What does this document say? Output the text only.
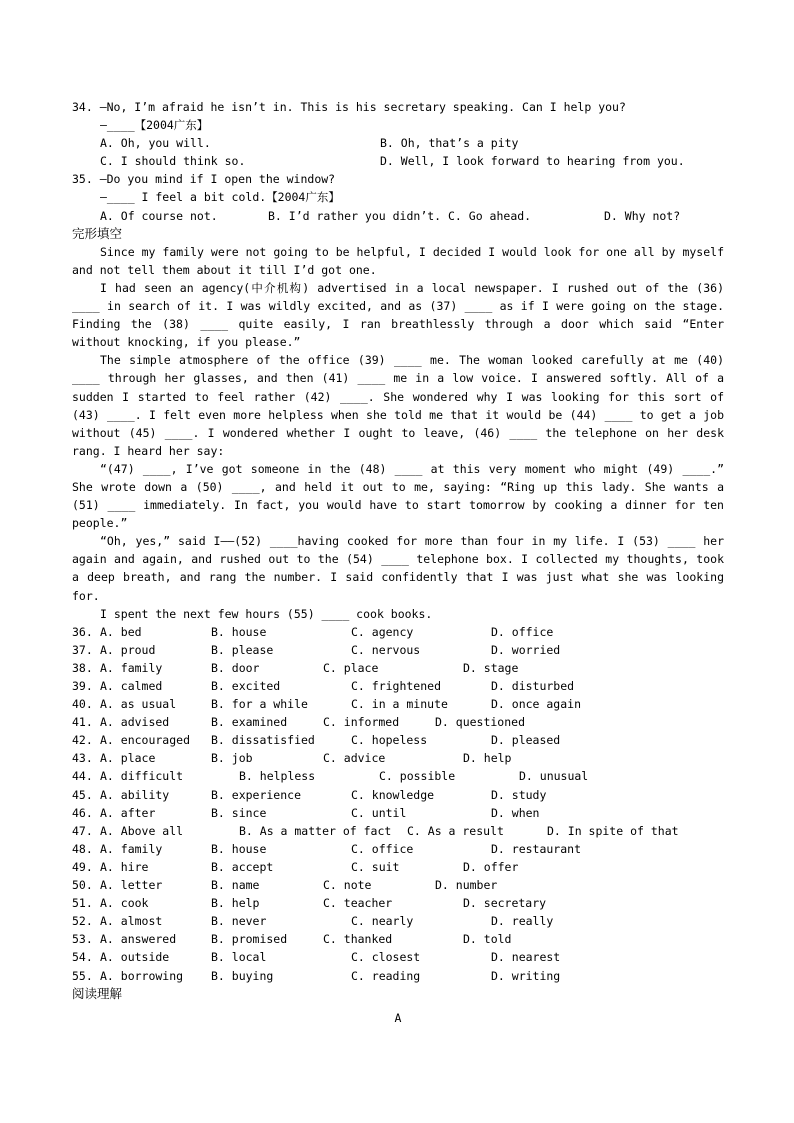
34. —No, I’m afraid he isn’t in. This is his secretary speaking. Can I help you?
—____【2004广东】
A. Oh, you will.	B. Oh, that’s a pity
C. I should think so.	D. Well, I look forward to hearing from you.
35. —Do you mind if I open the window?
—____ I feel a bit cold.【2004广东】
A. Of course not.	B. I’d rather you didn’t. C. Go ahead.	D. Why not?
完形填空
Since my family were not going to be helpful, I decided I would look for one all by myself and not tell them about it till I’d got one.
I had seen an agency(中介机构) advertised in a local newspaper. I rushed out of the (36) ____ in search of it. I was wildly excited, and as (37) ____ as if I were going on the stage. Finding the (38) ____ quite easily, I ran breathlessly through a door which said “Enter without knocking, if you please.”
The simple atmosphere of the office (39) ____ me. The woman looked carefully at me (40) ____ through her glasses, and then (41) ____ me in a low voice. I answered softly. All of a sudden I started to feel rather (42) ____. She wondered why I was looking for this sort of (43) ____. I felt even more helpless when she told me that it would be (44) ____ to get a job without (45) ____. I wondered whether I ought to leave, (46) ____ the telephone on her desk rang. I heard her say:
“(47) ____, I’ve got someone in the (48) ____ at this very moment who might (49) ____.” She wrote down a (50) ____, and held it out to me, saying: “Ring up this lady. She wants a (51) ____ immediately. In fact, you would have to start tomorrow by cooking a dinner for ten people.”
“Oh, yes,” said I——(52) ____having cooked for more than four in my life. I (53) ____ her again and again, and rushed out to the (54) ____ telephone box. I collected my thoughts, took a deep breath, and rang the number. I said confidently that I was just what she was looking for.
I spent the next few hours (55) ____ cook books.
36. A. bed	B. house	C. agency	D. office
37. A. proud	B. please	C. nervous	D. worried
38. A. family	B. door	C. place	D. stage
39. A. calmed	B. excited	C. frightened	D. disturbed
40. A. as usual	B. for a while	C. in a minute	D. once again
41. A. advised	B. examined	C. informed	D. questioned
42. A. encouraged B. dissatisfied	C. hopeless	D. pleased
43. A. place	B. job	C. advice	D. help
44. A. difficult	B. helpless	C. possible	D. unusual
45. A. ability	B. experience	C. knowledge	D. study
46. A. after	B. since	C. until	D. when
47. A. Above all	B. As a matter of fact C. As a result	D. In spite of that
48. A. family	B. house	C. office	D. restaurant
49. A. hire	B. accept	C. suit	D. offer
50. A. letter	B. name	C. note	D. number
51. A. cook	B. help	C. teacher	D. secretary
52. A. almost	B. never	C. nearly	D. really
53. A. answered	B. promised	C. thanked	D. told
54. A. outside	B. local	C. closest	D. nearest
55. A. borrowing B. buying	C. reading	D. writing
阅读理解
A
